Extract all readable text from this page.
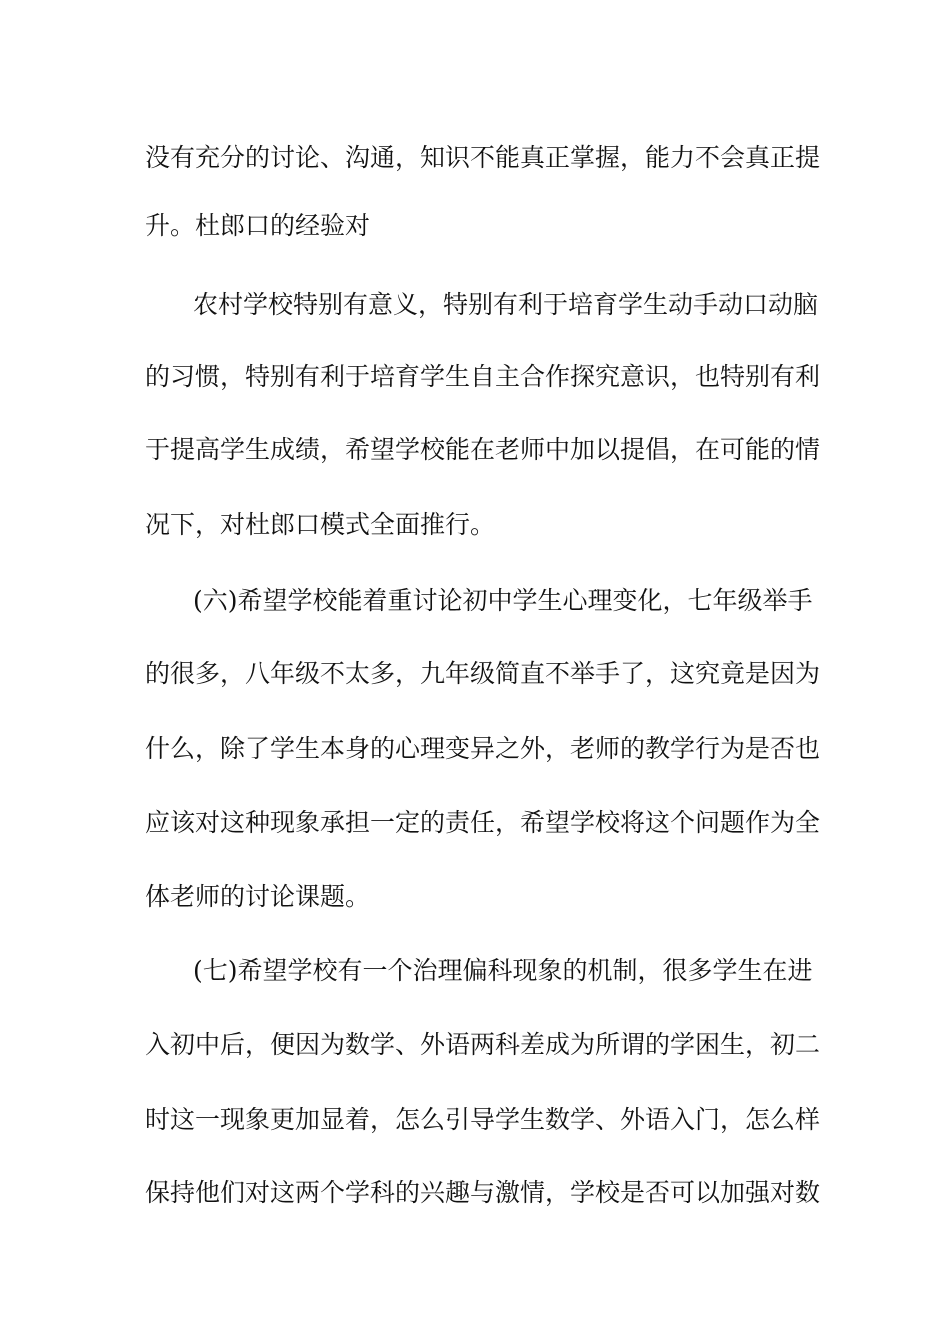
没有充分的讨论、沟通，知识不能真正掌握，能力不会真正提
升。杜郎口的经验对
农村学校特别有意义，特别有利于培育学生动手动口动脑
的习惯，特别有利于培育学生自主合作探究意识，也特别有利
于提高学生成绩，希望学校能在老师中加以提倡，在可能的情
况下，对杜郎口模式全面推行。
(六)希望学校能着重讨论初中学生心理变化，七年级举手
的很多，八年级不太多，九年级简直不举手了，这究竟是因为
什么，除了学生本身的心理变异之外，老师的教学行为是否也
应该对这种现象承担一定的责任，希望学校将这个问题作为全
体老师的讨论课题。
(七)希望学校有一个治理偏科现象的机制，很多学生在进
入初中后，便因为数学、外语两科差成为所谓的学困生，初二
时这一现象更加显着，怎么引导学生数学、外语入门，怎么样
保持他们对这两个学科的兴趣与激情，学校是否可以加强对数
